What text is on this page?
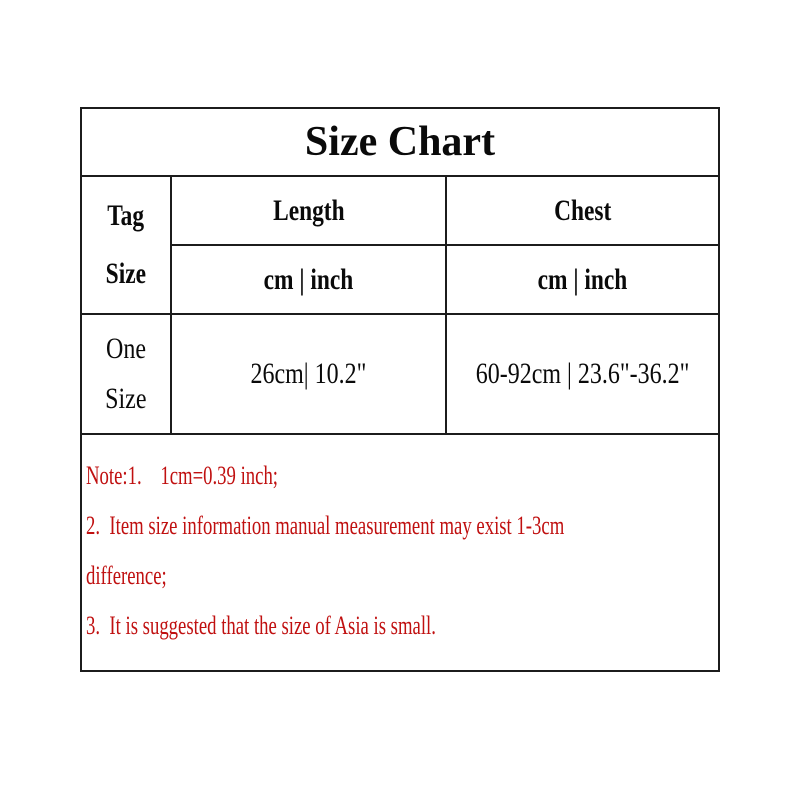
Size Chart
Tag
Size
Length
cm | inch
Chest
cm | inch
One
Size
26cm| 10.2"	60-92cm | 23.6"-36.2"
Note:1.    1cm=0.39 inch;
2.  Item size information manual measurement may exist 1-3cm
difference;
3.  It is suggested that the size of Asia is small.
